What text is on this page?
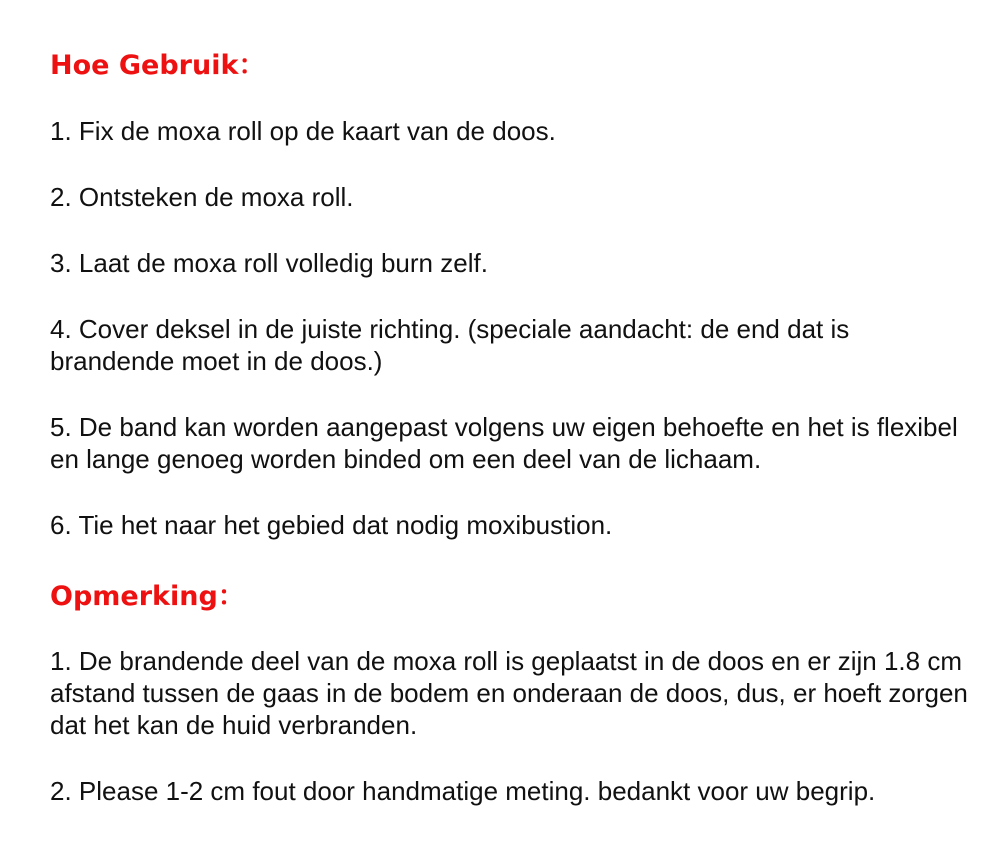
Hoe Gebruik：
1. Fix de moxa roll op de kaart van de doos.
2. Ontsteken de moxa roll.
3. Laat de moxa roll volledig burn zelf.
4. Cover deksel in de juiste richting. (speciale aandacht: de end dat is brandende moet in de doos.)
5. De band kan worden aangepast volgens uw eigen behoefte en het is flexibel en lange genoeg worden binded om een deel van de lichaam.
6. Tie het naar het gebied dat nodig moxibustion.
Opmerking：
1. De brandende deel van de moxa roll is geplaatst in de doos en er zijn 1.8 cm afstand tussen de gaas in de bodem en onderaan de doos, dus, er hoeft zorgen dat het kan de huid verbranden.
2. Please 1-2 cm fout door handmatige meting. bedankt voor uw begrip.
